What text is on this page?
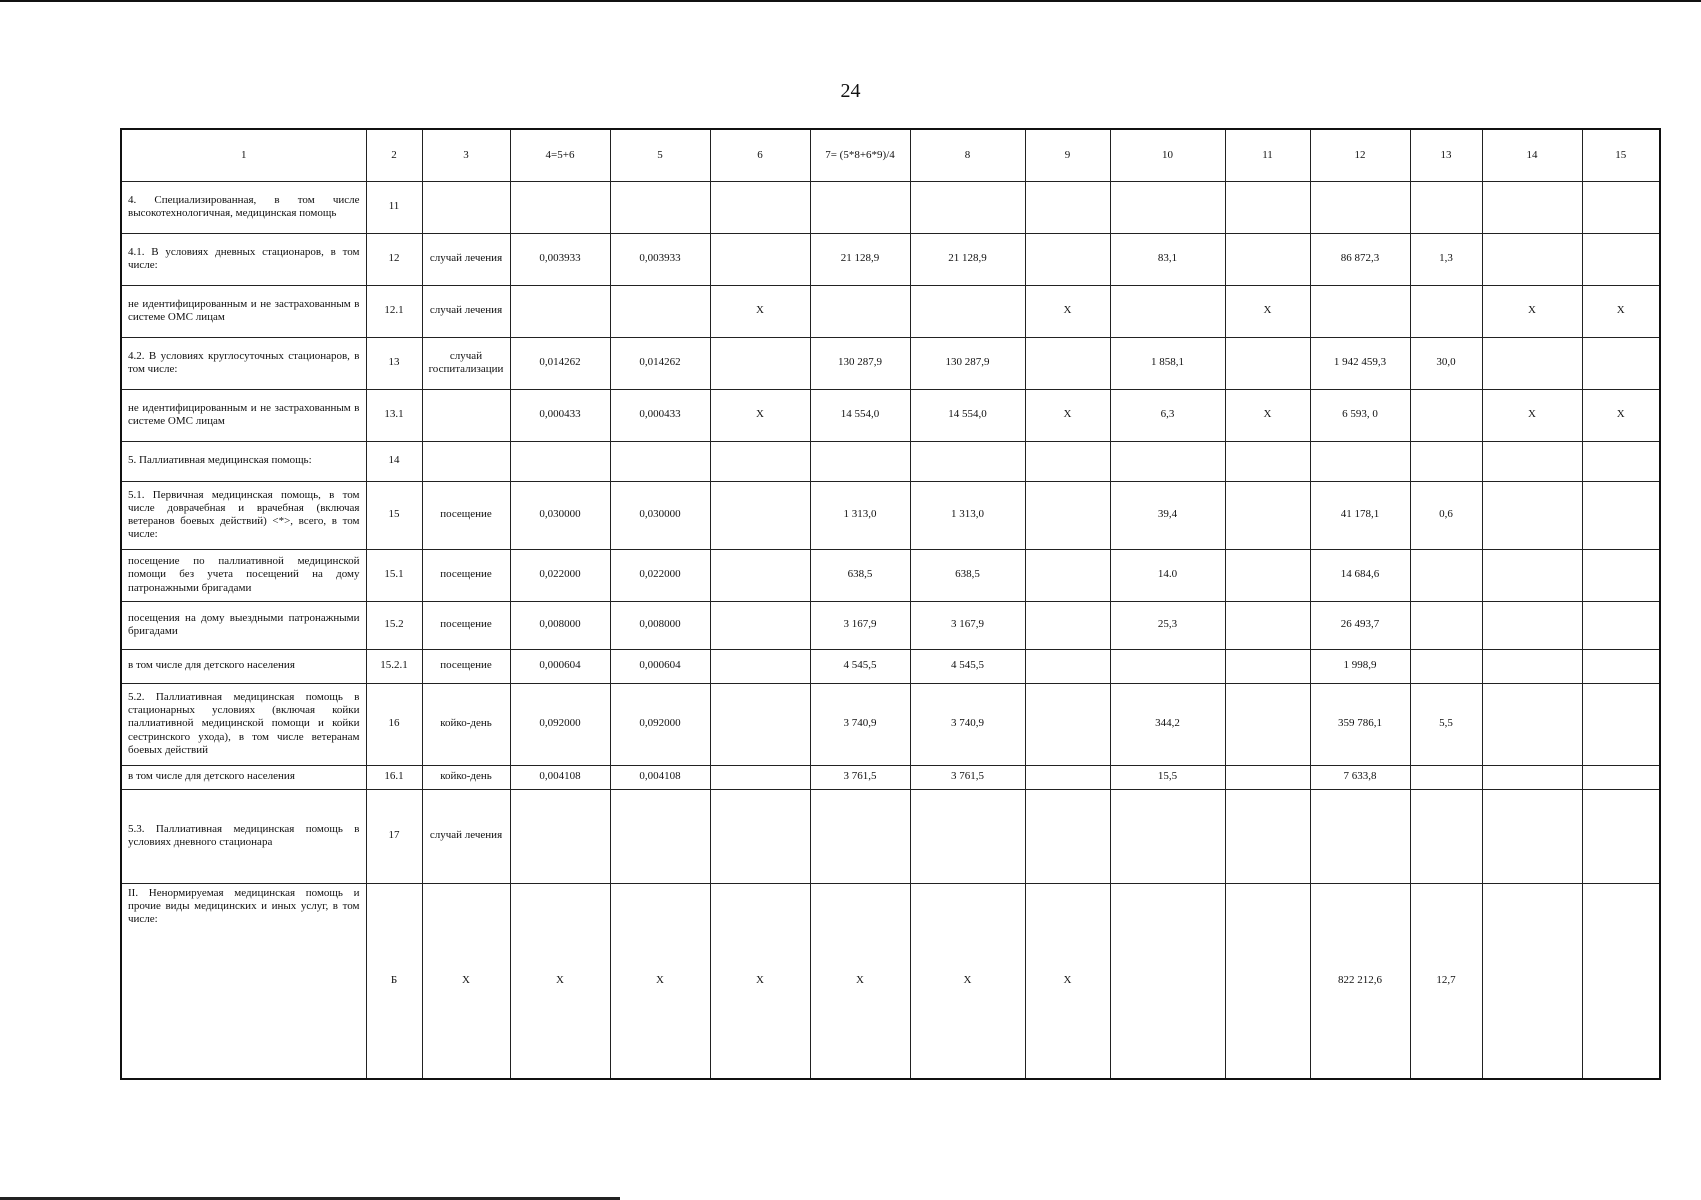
24
1	2	3	4=5+6	5	6	7= (5*8+6*9)/4	8	9	10	11	12	13	14	15
4. Специализированная, в том числе высокотехнологичная, медицинская помощь	11													
4.1. В условиях дневных стационаров, в том числе:	12	случай лечения	0,003933	0,003933		21 128,9	21 128,9		83,1		86 872,3	1,3		
не идентифицированным и не застрахованным в системе ОМС лицам	12.1	случай лечения			X			X		X			X	X
4.2. В условиях круглосуточных стационаров, в том числе:	13	случай госпитализации	0,014262	0,014262		130 287,9	130 287,9		1 858,1		1 942 459,3	30,0		
не идентифицированным и не застрахованным в системе ОМС лицам	13.1		0,000433	0,000433	X	14 554,0	14 554,0	X	6,3	X	6 593, 0		X	X
5. Паллиативная медицинская помощь:	14													
5.1. Первичная медицинская помощь, в том числе доврачебная и врачебная (включая ветеранов боевых действий) <*>, всего, в том числе:	15	посещение	0,030000	0,030000		1 313,0	1 313,0		39,4		41 178,1	0,6		
посещение по паллиативной медицинской помощи без учета посещений на дому патронажными бригадами	15.1	посещение	0,022000	0,022000		638,5	638,5		14.0		14 684,6			
посещения на дому выездными патронажными бригадами	15.2	посещение	0,008000	0,008000		3 167,9	3 167,9		25,3		26 493,7			
в том числе для детского населения	15.2.1	посещение	0,000604	0,000604		4 545,5	4 545,5				1 998,9			
5.2. Паллиативная медицинская помощь в стационарных условиях (включая койки паллиативной медицинской помощи и койки сестринского ухода), в том числе ветеранам боевых действий	16	койко-день	0,092000	0,092000		3 740,9	3 740,9		344,2		359 786,1	5,5		
в том числе для детского населения	16.1	койко-день	0,004108	0,004108		3 761,5	3 761,5		15,5		7 633,8			
5.3. Паллиативная медицинская помощь в условиях дневного стационара	17	случай лечения												
II. Ненормируемая медицинская помощь и прочие виды медицинских и иных услуг, в том числе:	Б	X	X	X	X	X	X	X			822 212,6	12,7		
